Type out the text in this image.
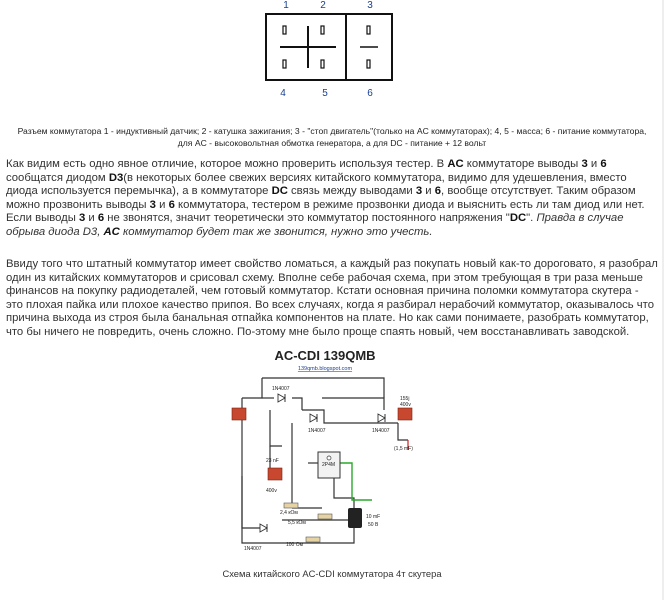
1	2	3
4	5	6
Разъем коммутатора 1 - индуктивный датчик; 2 - катушка зажигания; 3 - "стоп двигатель"(только на AC коммутаторах); 4, 5 - масса; 6 - питание коммутатора,
для AC - высоковольтная обмотка генератора, а для DC - питание + 12 вольт

Как видим есть одно явное отличие, которое можно проверить используя тестер. В AC коммутаторе выводы 3 и 6 сообщатся диодом D3(в некоторых более свежих версиях китайского коммутатора, видимо для удешевления, вместо диода используется перемычка), а в коммутаторе DC связь между выводами 3 и 6, вообще отсутствует. Таким образом можно прозвонить выводы 3 и 6 коммутатора, тестером в режиме прозвонки диода и выяснить есть ли там диод или нет. Если выводы 3 и 6 не звонятся, значит теоретически это коммутатор постоянного напряжения "DC". Правда в случае обрыва диода D3, AC коммутатор будет так же звонится, нужно это учесть.

Ввиду того что штатный коммутатор имеет свойство ломаться, а каждый раз покупать новый как-то дороговато, я разобрал один из китайских коммутаторов и срисовал схему. Вполне себе рабочая схема, при этом требующая в три раза меньше финансов на покупку радиодеталей, чем готовый коммутатор. Кстати основная причина поломки коммутатора скутера - это плохая пайка или плохое качество припоя. Во всех случаях, когда я разбирал нерабочий коммутатор, оказывалось что причина выхода из строя была банальная отпайка компонентов на плате. Но как сами понимаете, разобрать коммутатор, что бы ничего не повредить, очень сложно. По-этому мне было проще спаять новый, чем восстанавливать заводской.

AC-CDI 139QMB
139qmb.blogspot.com
1N4007
1N4007	1N4007
1N4007
155j
400v
(1,5 mF)
23 nF
400v
2P4M
2,4 кОм
5,5 кОм
100 Ом
10 mF
50 B
Схема китайского AC-CDI коммутатора 4т скутера
